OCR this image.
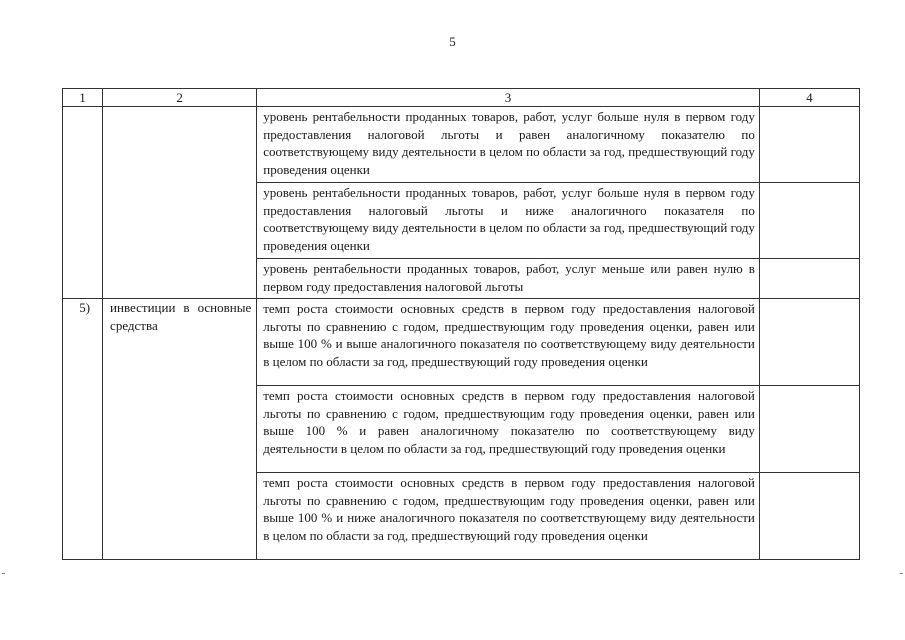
5
1	2	3	4
		уровень рентабельности проданных товаров, работ, услуг больше нуля в первом году предоставления налоговой льготы и равен аналогичному показателю по соответствующему виду деятельности в целом по области за год, предшествующий году проведения оценки	
		уровень рентабельности проданных товаров, работ, услуг больше нуля в первом году предоставления налоговый льготы и ниже аналогичного показателя по соответствующему виду деятельности в целом по области за год, предшествующий году проведения оценки	
		уровень рентабельности проданных товаров, работ, услуг меньше или равен нулю в первом году предоставления налоговой льготы	
5)	инвестиции в основные средства	темп роста стоимости основных средств в первом году предоставления налоговой льготы по сравнению с годом, предшествующим году проведения оценки, равен или выше 100 % и выше аналогичного показателя по соответствующему виду деятельности в целом по области за год, предшествующий году проведения оценки	
		темп роста стоимости основных средств в первом году предоставления налоговой льготы по сравнению с годом, предшествующим году проведения оценки, равен или выше 100 % и равен аналогичному показателю по соответствующему виду деятельности в целом по области за год, предшествующий году проведения оценки	
		темп роста стоимости основных средств в первом году предоставления налоговой льготы по сравнению с годом, предшествующим году проведения оценки, равен или выше 100 % и ниже аналогичного показателя по соответствующему виду деятельности в целом по области за год, предшествующий году проведения оценки	
